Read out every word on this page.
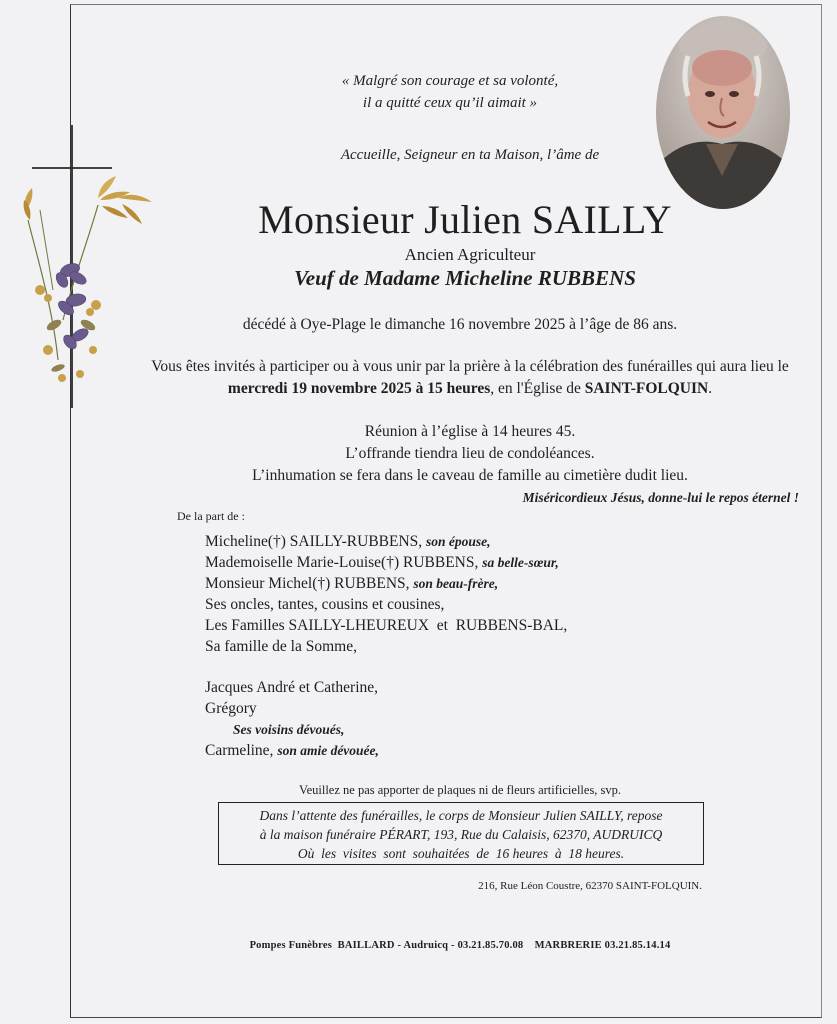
« Malgré son courage et sa volonté,
il a quitté ceux qu’il aimait »
Accueille, Seigneur en ta Maison, l’âme de
Monsieur Julien SAILLY
Ancien Agriculteur
Veuf de Madame Micheline RUBBENS
décédé à Oye-Plage le dimanche 16 novembre 2025 à l’âge de 86 ans.
Vous êtes invités à participer ou à vous unir par la prière à la célébration des funérailles qui aura lieu le mercredi 19 novembre 2025 à 15 heures, en l'Église de SAINT-FOLQUIN.
Réunion à l’église à 14 heures 45.
L’offrande tiendra lieu de condoléances.
L’inhumation se fera dans le caveau de famille au cimetière dudit lieu.
Miséricordieux Jésus, donne-lui le repos éternel !
De la part de :
Micheline(†) SAILLY-RUBBENS, son épouse,
Mademoiselle Marie-Louise(†) RUBBENS, sa belle-sœur,
Monsieur Michel(†) RUBBENS, son beau-frère,
Ses oncles, tantes, cousins et cousines,
Les Familles SAILLY-LHEUREUX  et  RUBBENS-BAL,
Sa famille de la Somme,
Jacques André et Catherine,
Grégory
Ses voisins dévoués,
Carmeline, son amie dévouée,
Veuillez ne pas apporter de plaques ni de fleurs artificielles, svp.
Dans l’attente des funérailles, le corps de Monsieur Julien SAILLY, repose
à la maison funéraire PÉRART, 193, Rue du Calaisis, 62370, AUDRUICQ
Où  les  visites  sont  souhaitées  de  16 heures  à  18 heures.
216, Rue Léon Coustre, 62370 SAINT-FOLQUIN.
Pompes Funèbres  BAILLARD - Audruicq - 03.21.85.70.08    MARBRERIE 03.21.85.14.14
